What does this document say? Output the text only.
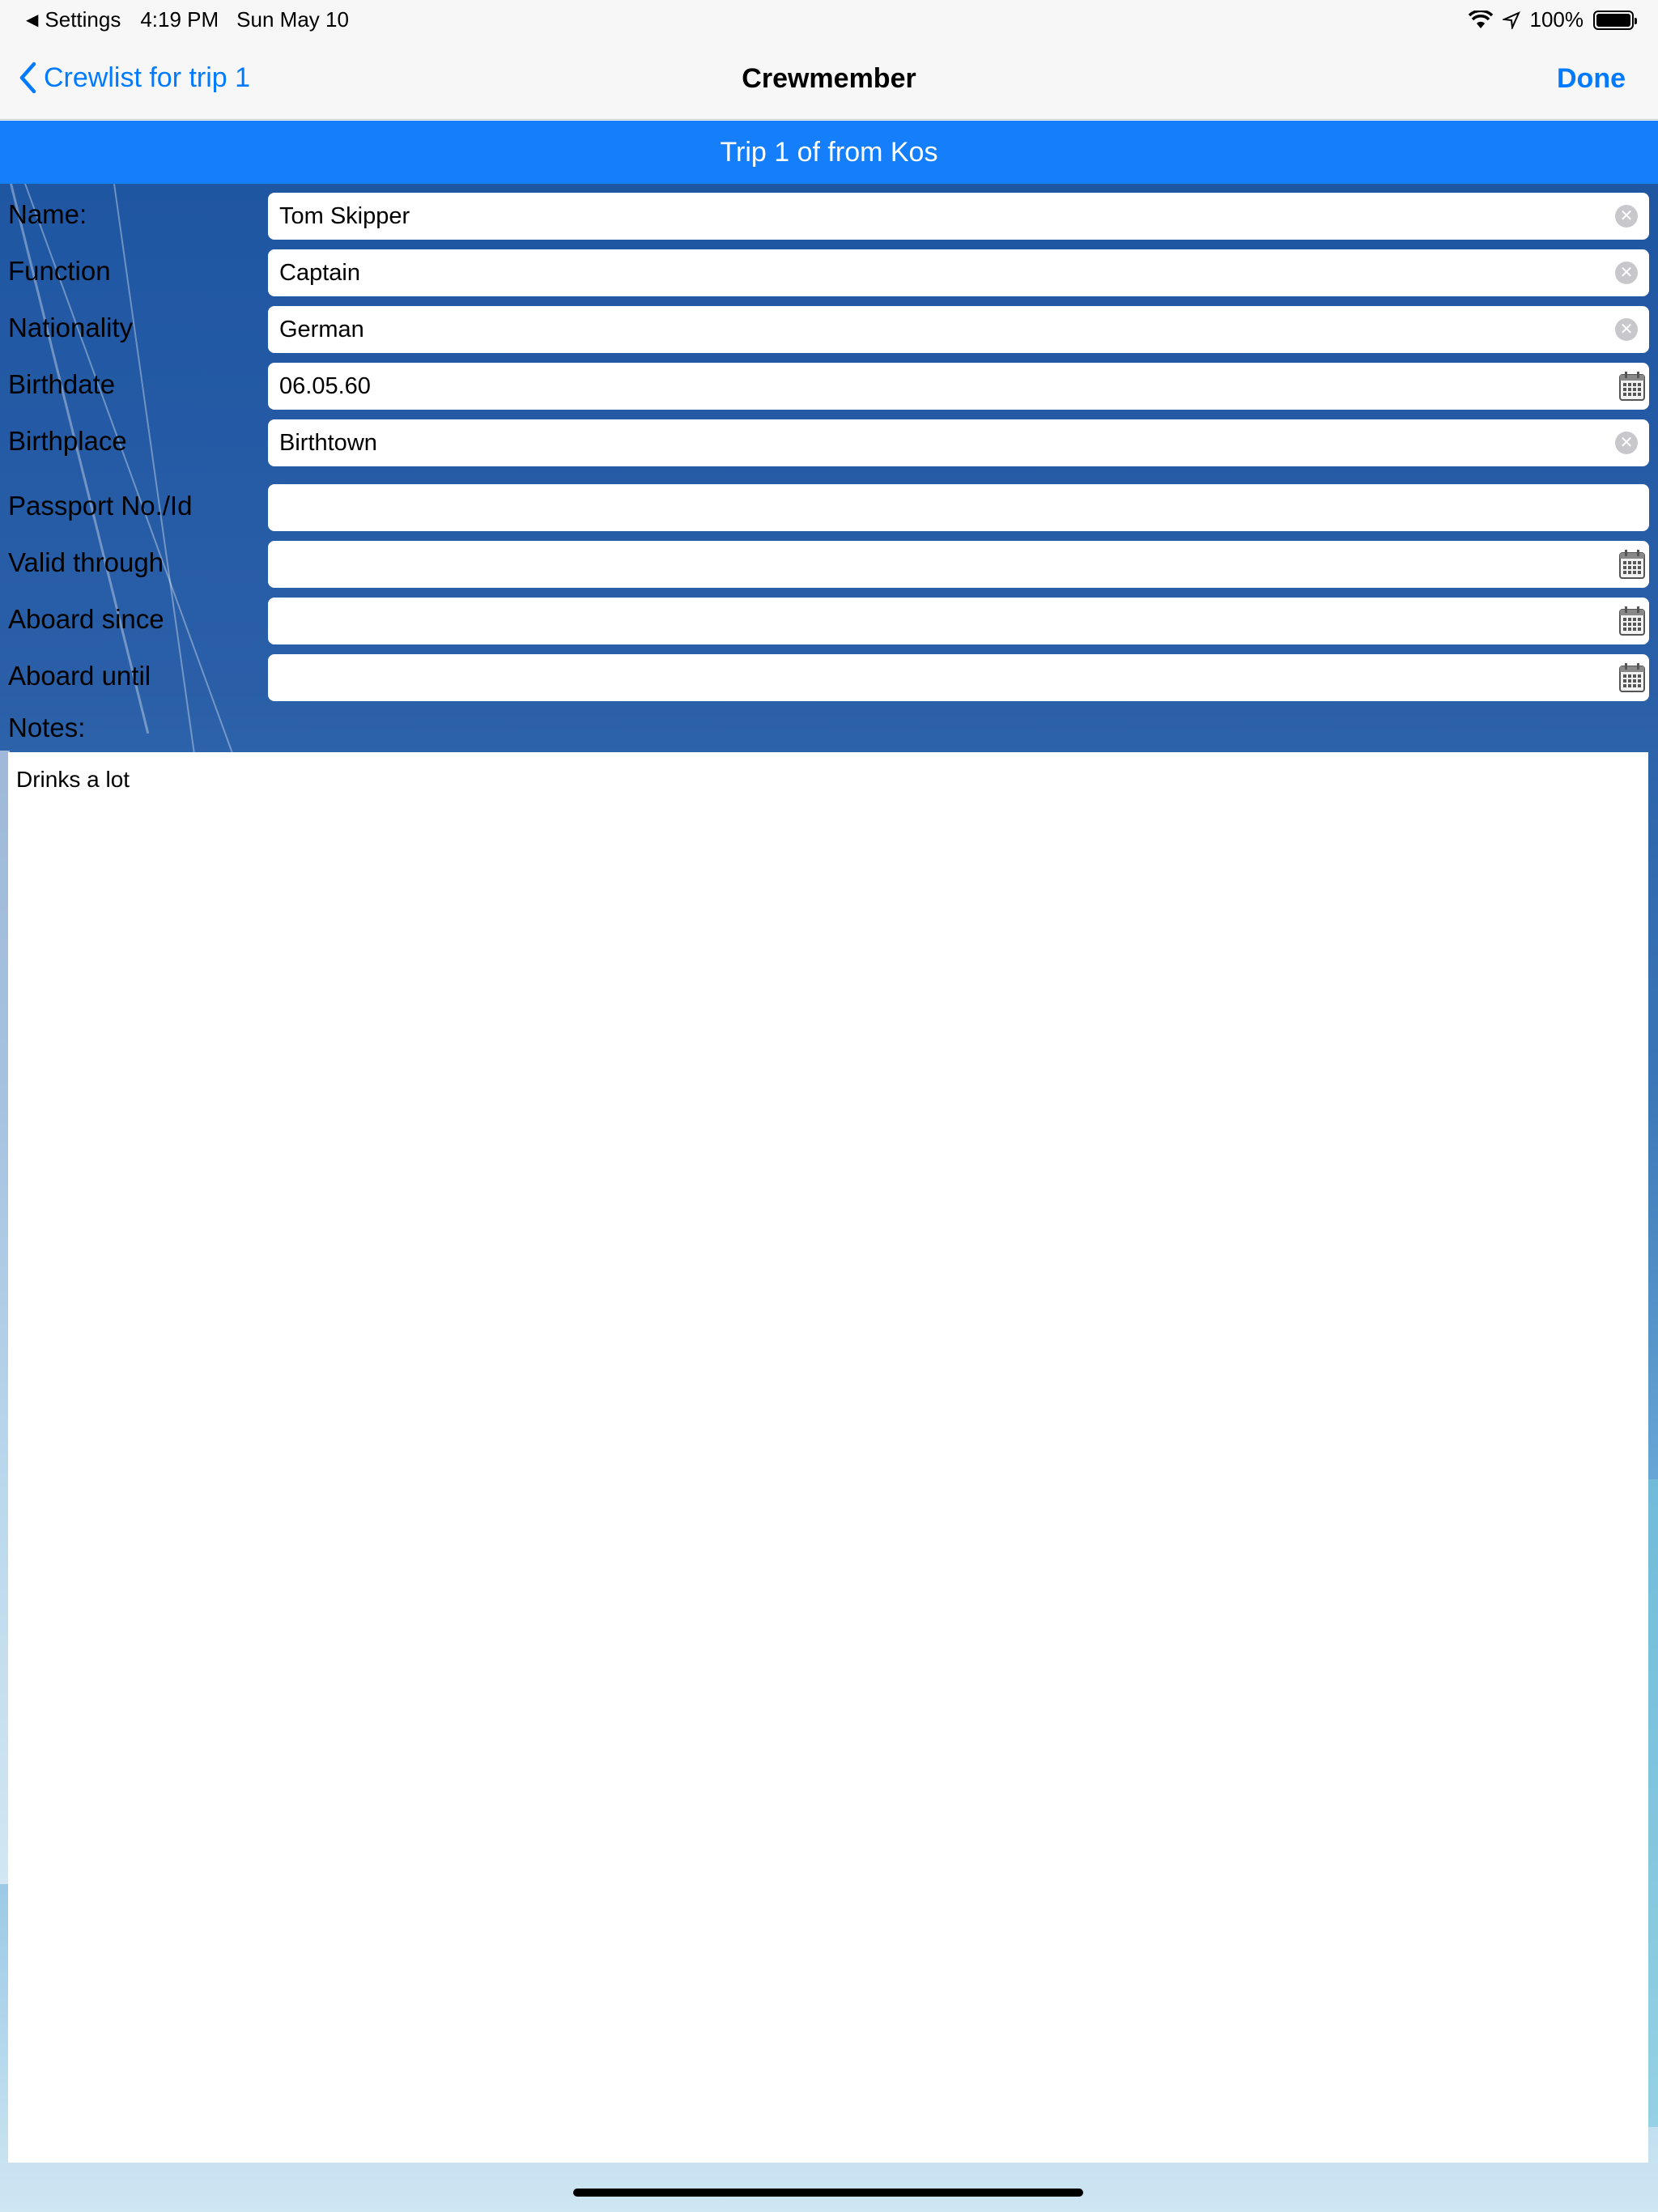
◀ Settings 4:19 PM Sun May 10	100%
Crewlist for trip 1	Crewmember	Done
Trip 1 of from Kos
Name:	Tom Skipper	✕
Function	Captain	✕
Nationality	German	✕
Birthdate	06.05.60
Birthplace	Birthtown	✕
Passport No./Id
Valid through
Aboard since
Aboard until
Notes:
Drinks a lot
